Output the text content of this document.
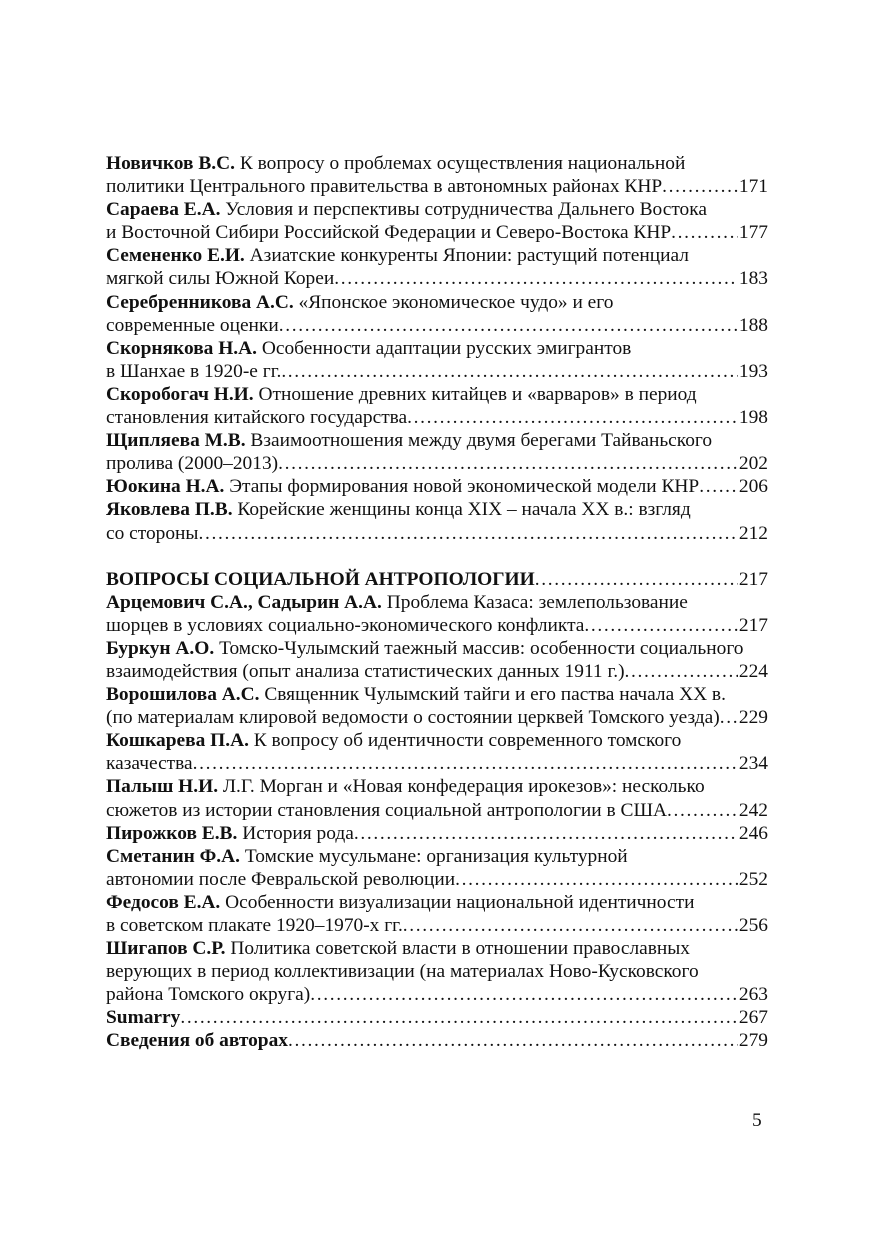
Новичков В.С. К вопросу о проблемах осуществления национальной
политики Центрального правительства в автономных районах КНР . . .	171
Сараева Е.А. Условия и перспективы сотрудничества Дальнего Востока
и Восточной Сибири Российской Федерации и Северо-Востока КНР . . .	177
Семененко Е.И. Азиатские конкуренты Японии: растущий потенциал
мягкой силы Южной Кореи . . .	183
Серебренникова А.С. «Японское экономическое чудо» и его
современные оценки . . .	188
Скорнякова Н.А. Особенности адаптации русских эмигрантов
в Шанхае в 1920-е гг. . . .	193
Скоробогач Н.И. Отношение древних китайцев и «варваров» в период
становления китайского государства . . .	198
Щипляева М.В. Взаимоотношения между двумя берегами Тайваньского
пролива (2000–2013) . . .	202
Юокина Н.А. Этапы формирования новой экономической модели КНР . . . 206
Яковлева П.В. Корейские женщины конца XIX – начала XX в.: взгляд
со стороны . . .	212
ВОПРОСЫ СОЦИАЛЬНОЙ АНТРОПОЛОГИИ . . .	217
Арцемович С.А., Садырин А.А. Проблема Казаса: землепользование
шорцев в условиях социально-экономического конфликта . . .	217
Буркун А.О. Томско-Чулымский таежный массив: особенности социального
взаимодействия (опыт анализа статистических данных 1911 г.) . . .	224
Ворошилова А.С. Священник Чулымский тайги и его паства начала XX в.
(по материалам клировой ведомости о состоянии церквей Томского уезда) . . . 229
Кошкарева П.А. К вопросу об идентичности современного томского
казачества . . .	234
Палыш Н.И. Л.Г. Морган и «Новая конфедерация ирокезов»: несколько
сюжетов из истории становления социальной антропологии в США . . .	242
Пирожков Е.В. История рода . . .	246
Сметанин Ф.А. Томские мусульмане: организация культурной
автономии после Февральской революции . . .	252
Федосов Е.А. Особенности визуализации национальной идентичности
в советском плакате 1920–1970-х гг. . . .	256
Шигапов С.Р. Политика советской власти в отношении православных
верующих в период коллективизации (на материалах Ново-Кусковского
района Томского округа) . . .	263
Sumarry . . .	267
Сведения об авторах . . .	279
5
